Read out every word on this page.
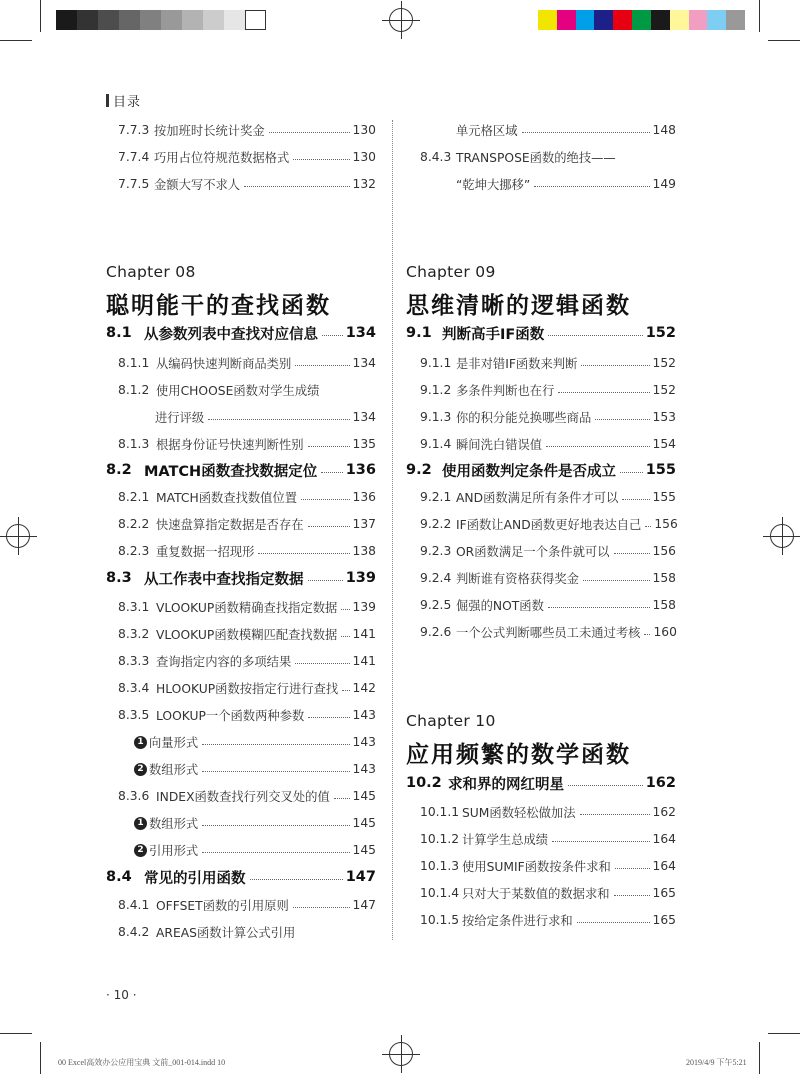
目录
7.7.3 按加班时长统计奖金	130
7.7.4 巧用占位符规范数据格式	130
7.7.5 金额大写不求人	132
单元格区域	148
8.4.3 TRANSPOSE函数的绝技——
“乾坤大挪移”	149
8.1 从参数列表中查找对应信息 134
8.1.1 从编码快速判断商品类别	134
8.1.2 使用CHOOSE函数对学生成绩
进行评级	134
8.1.3 根据身份证号快速判断性别	135
8.2 MATCH函数查找数据定位 136
8.2.1 MATCH函数查找数值位置	136
8.2.2 快速盘算指定数据是否存在	137
8.2.3 重复数据一招现形	138
8.3 从工作表中查找指定数据	139
8.3.1 VLOOKUP函数精确查找指定数据 139
8.3.2 VLOOKUP函数模糊匹配查找数据 141
8.3.3 查询指定内容的多项结果	141
8.3.4 HLOOKUP函数按指定行进行查找 142
8.3.5 LOOKUP一个函数两种参数	143
1 向量形式	143
2 数组形式	143
8.3.6 INDEX函数查找行列交叉处的值 145
1 数组形式	145
2 引用形式	145
8.4 常见的引用函数	147
8.4.1 OFFSET函数的引用原则	147
8.4.2 AREAS函数计算公式引用
9.1 判断高手IF函数	152
9.1.1 是非对错IF函数来判断	152
9.1.2 多条件判断也在行	152
9.1.3 你的积分能兑换哪些商品	153
9.1.4 瞬间洗白错误值	154
9.2 使用函数判定条件是否成立 155
9.2.1 AND函数满足所有条件才可以	155
9.2.2 IF函数让AND函数更好地表达自己 156
9.2.3 OR函数满足一个条件就可以	156
9.2.4 判断谁有资格获得奖金	158
9.2.5 倔强的NOT函数	158
9.2.6 一个公式判断哪些员工未通过考核 160
10.2 求和界的网红明星	162
10.1.1 SUM函数轻松做加法	162
10.1.2 计算学生总成绩	164
10.1.3 使用SUMIF函数按条件求和	164
10.1.4 只对大于某数值的数据求和	165
10.1.5 按给定条件进行求和	165
Chapter 08
聪明能干的查找函数
Chapter 09
思维清晰的逻辑函数
Chapter 10
应用频繁的数学函数
· 10 ·
00 Excel高效办公应用宝典 文前_001-014.indd 10	2019/4/9 下午5:21
